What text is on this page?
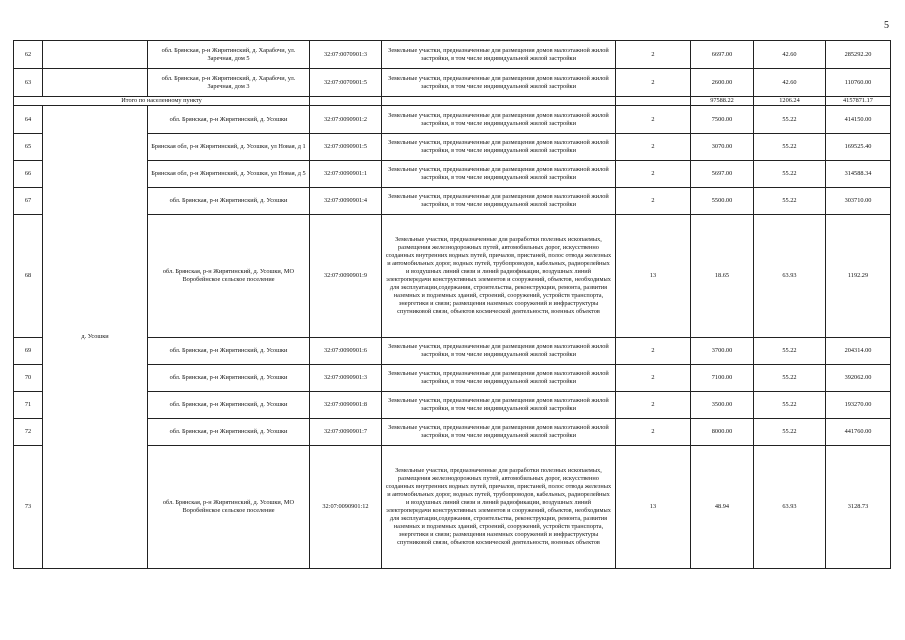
5
62		обл. Брянская, р-н Жирятинский, д. Харабочи, ул. Заречная, дом 5	32:07:0070901:3	Земельные участки, предназначенные для размещения домов малоэтажной жилой застройки, в том числе индивидуальной жилой застройки	2	6697.00	42.60	285292.20
63		обл. Брянская, р-н Жирятинский, д. Харабочи, ул. Заречная, дом 3	32:07:0070901:5	Земельные участки, предназначенные для размещения домов малоэтажной жилой застройки, в том числе индивидуальной жилой застройки	2	2600.00	42.60	110760.00
Итого по населенному пункту						97588.22	1206.24	4157871.17
64	д. Усошки	обл. Брянская, р-н Жирятинский, д. Усошки	32:07:0090901:2	Земельные участки, предназначенные для размещения домов малоэтажной жилой застройки, в том числе индивидуальной жилой застройки	2	7500.00	55.22	414150.00
65		Брянская обл, р-н Жирятинский, д. Усошки, ул Новая, д 1	32:07:0090901:5	Земельные участки, предназначенные для размещения домов малоэтажной жилой застройки, в том числе индивидуальной жилой застройки	2	3070.00	55.22	169525.40
66		Брянская обл, р-н Жирятинский, д. Усошки, ул Новая, д 5	32:07:0090901:1	Земельные участки, предназначенные для размещения домов малоэтажной жилой застройки, в том числе индивидуальной жилой застройки	2	5697.00	55.22	314588.34
67		обл. Брянская, р-н Жирятинский, д. Усошки	32:07:0090901:4	Земельные участки, предназначенные для размещения домов малоэтажной жилой застройки, в том числе индивидуальной жилой застройки	2	5500.00	55.22	303710.00
68		обл. Брянская, р-н Жирятинский, д. Усошки, МО Воробейнское сельское поселение	32:07:0090901:9	Земельные участки, предназначенные для разработки полезных ископаемых, размещения железнодорожных путей, автомобильных дорог, искусственно созданных внутренних водных путей, причалов, пристаней, полос отвода железных и автомобильных дорог, водных путей, трубопроводов, кабельных, радиорелейных и воздушных линий связи и линий радиофикации, воздушных линий электропередачи конструктивных элементов и сооружений, объектов, необходимых для эксплуатации,содержания, строительства, реконструкции, ремонта, развития наземных и подземных зданий, строений, сооружений, устройств транспорта, энергетики и связи; размещения наземных сооружений и инфраструктуры спутниковой связи, объектов космической деятельности, военных объектов	13	18.65	63.93	1192.29
69		обл. Брянская, р-н Жирятинский, д. Усошки	32:07:0090901:6	Земельные участки, предназначенные для размещения домов малоэтажной жилой застройки, в том числе индивидуальной жилой застройки	2	3700.00	55.22	204314.00
70		обл. Брянская, р-н Жирятинский, д. Усошки	32:07:0090901:3	Земельные участки, предназначенные для размещения домов малоэтажной жилой застройки, в том числе индивидуальной жилой застройки	2	7100.00	55.22	392062.00
71		обл. Брянская, р-н Жирятинский, д. Усошки	32:07:0090901:8	Земельные участки, предназначенные для размещения домов малоэтажной жилой застройки, в том числе индивидуальной жилой застройки	2	3500.00	55.22	193270.00
72		обл. Брянская, р-н Жирятинский, д. Усошки	32:07:0090901:7	Земельные участки, предназначенные для размещения домов малоэтажной жилой застройки, в том числе индивидуальной жилой застройки	2	8000.00	55.22	441760.00
73		обл. Брянская, р-н Жирятинский, д. Усошки, МО Воробейнское сельское поселение	32:07:0090901:12	Земельные участки, предназначенные для разработки полезных ископаемых, размещения железнодорожных путей, автомобильных дорог, искусственно созданных внутренних водных путей, причалов, пристаней, полос отвода железных и автомобильных дорог, водных путей, трубопроводов, кабельных, радиорелейных и воздушных линий связи и линий радиофикации, воздушных линий электропередачи конструктивных элементов и сооружений, объектов, необходимых для эксплуатации,содержания, строительства, реконструкции, ремонта, развития наземных и подземных зданий, строений, сооружений, устройств транспорта, энергетики и связи; размещения наземных сооружений и инфраструктуры спутниковой связи, объектов космической деятельности, военных объектов	13	48.94	63.93	3128.73
